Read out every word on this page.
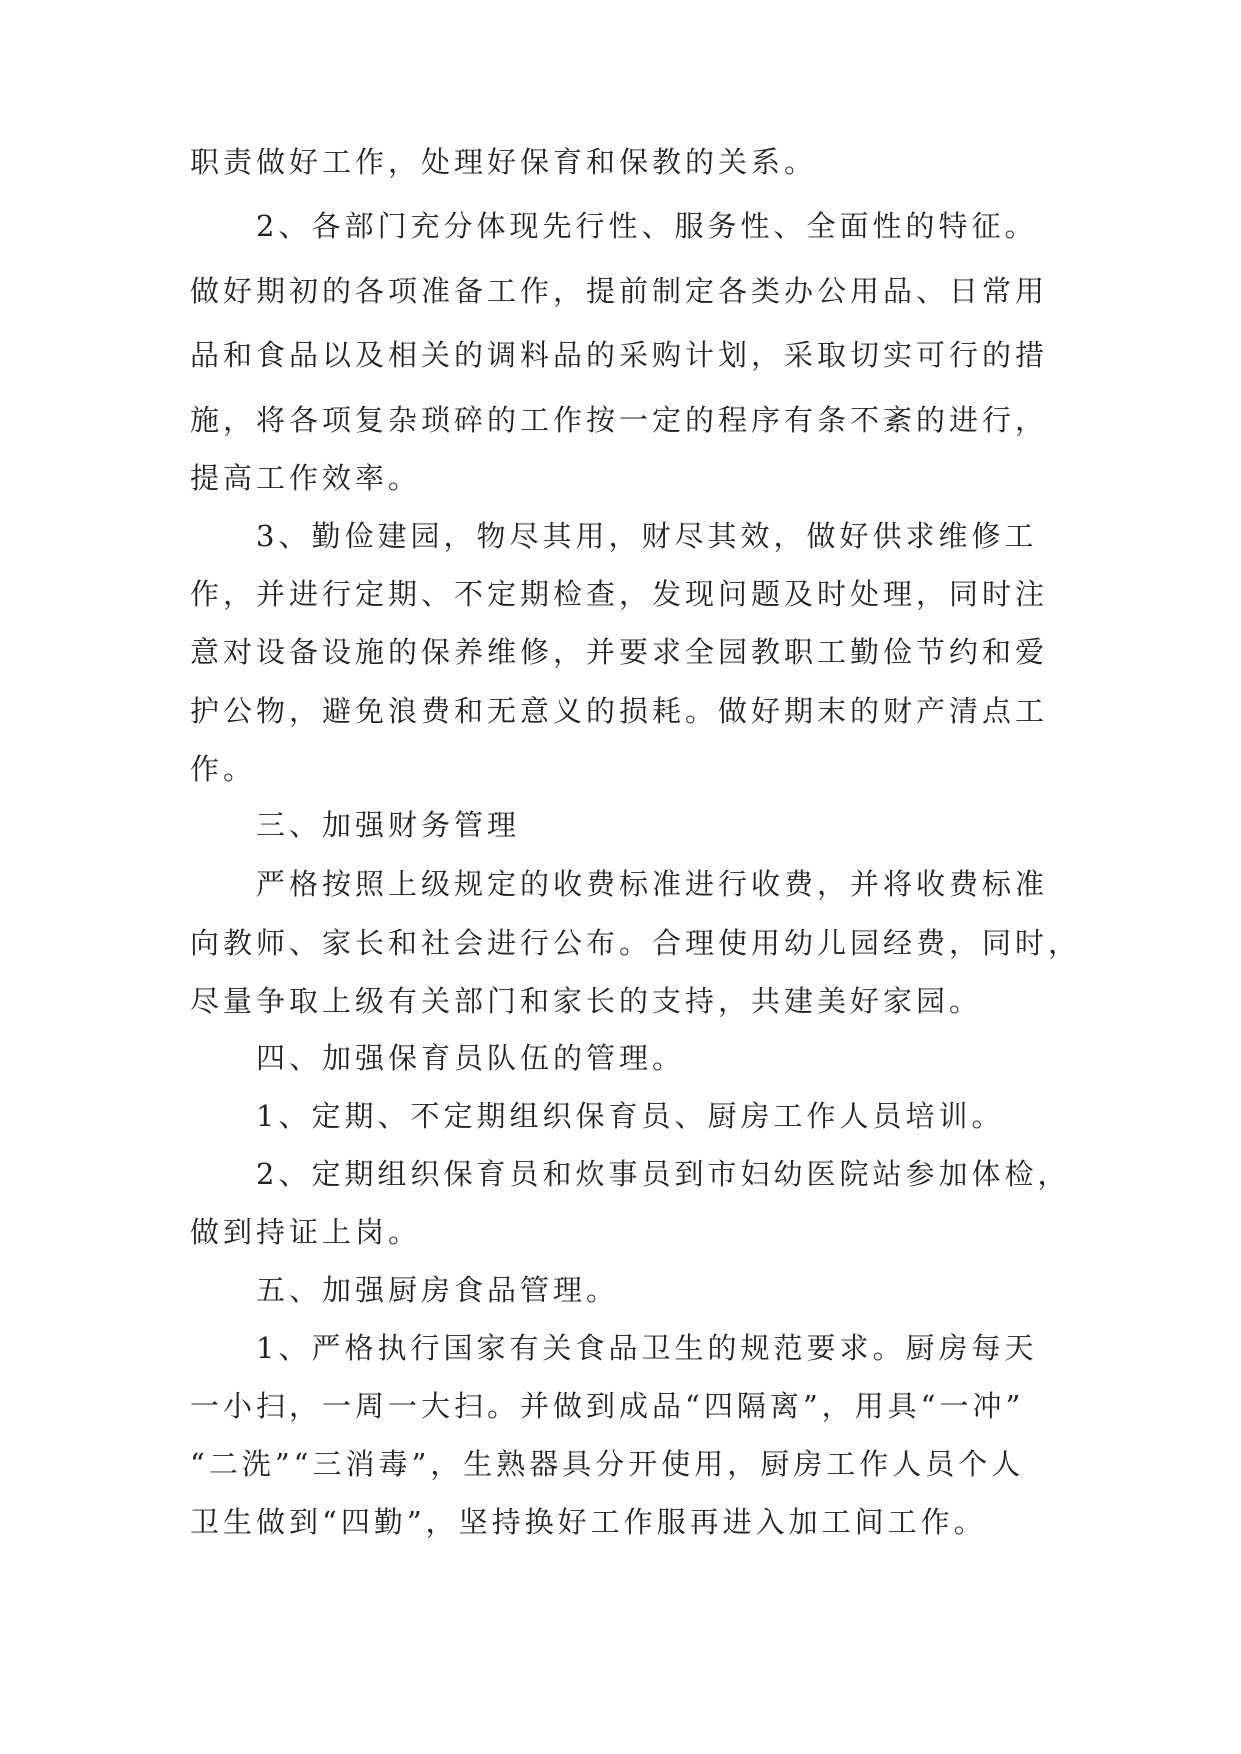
职责做好工作，处理好保育和保教的关系。

2、各部门充分体现先行性、服务性、全面性的特征。

做好期初的各项准备工作，提前制定各类办公用品、日常用

品和食品以及相关的调料品的采购计划，采取切实可行的措

施，将各项复杂琐碎的工作按一定的程序有条不紊的进行，

提高工作效率。

3、勤俭建园，物尽其用，财尽其效，做好供求维修工

作，并进行定期、不定期检查，发现问题及时处理，同时注

意对设备设施的保养维修，并要求全园教职工勤俭节约和爱

护公物，避免浪费和无意义的损耗。做好期末的财产清点工

作。

三、加强财务管理

严格按照上级规定的收费标准进行收费，并将收费标准

向教师、家长和社会进行公布。合理使用幼儿园经费，同时，

尽量争取上级有关部门和家长的支持，共建美好家园。

四、加强保育员队伍的管理。

1、定期、不定期组织保育员、厨房工作人员培训。

2、定期组织保育员和炊事员到市妇幼医院站参加体检，

做到持证上岗。

五、加强厨房食品管理。

1、严格执行国家有关食品卫生的规范要求。厨房每天

一小扫，一周一大扫。并做到成品“四隔离”，用具“一冲”

“二洗”“三消毒”，生熟器具分开使用，厨房工作人员个人

卫生做到“四勤”，坚持换好工作服再进入加工间工作。
